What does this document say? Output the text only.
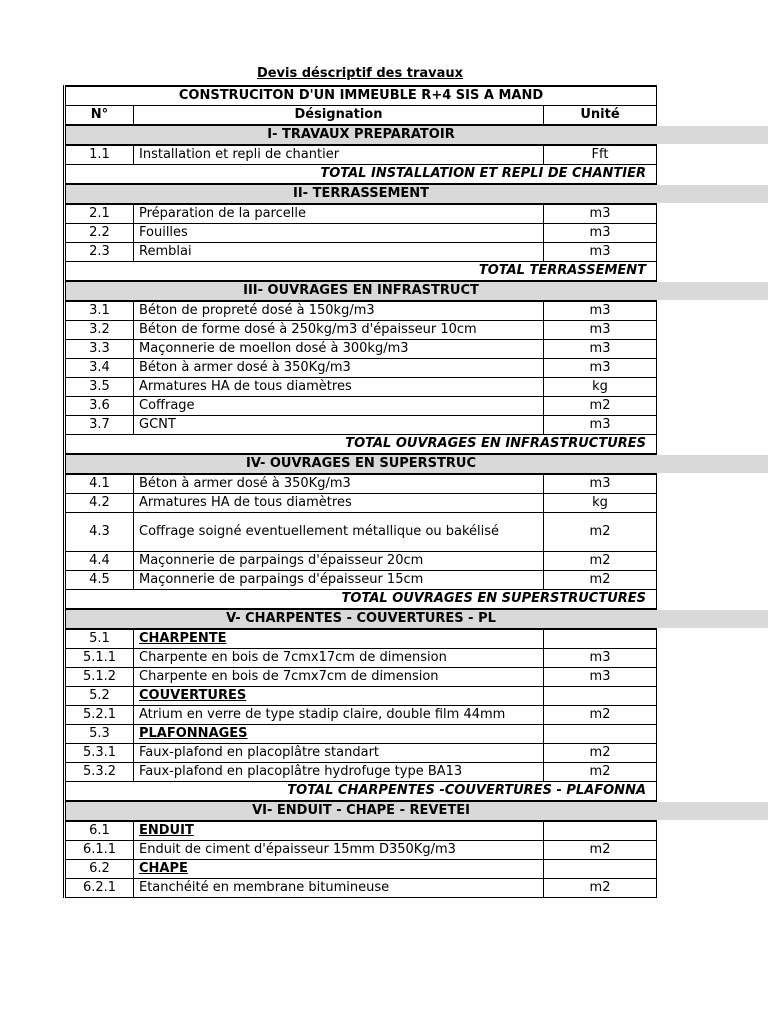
Devis déscriptif des travaux
CONSTRUCITON D'UN IMMEUBLE R+4 SIS A MAND		
N°	Désignation	Unité
I- TRAVAUX PREPARATOIR		
1.1	Installation et repli de chantier	Fft
TOTAL INSTALLATION ET REPLI DE CHANTIER		
II- TERRASSEMENT		
2.1	Préparation de la parcelle	m3
2.2	Fouilles	m3
2.3	Remblai	m3
TOTAL TERRASSEMENT		
III- OUVRAGES EN INFRASTRUCT		
3.1	Béton de propreté dosé à 150kg/m3	m3
3.2	Béton de forme dosé à 250kg/m3 d'épaisseur 10cm	m3
3.3	Maçonnerie de moellon dosé à 300kg/m3	m3
3.4	Béton à armer dosé à 350Kg/m3	m3
3.5	Armatures HA de tous diamètres	kg
3.6	Coffrage	m2
3.7	GCNT	m3
TOTAL OUVRAGES EN INFRASTRUCTURES		
IV- OUVRAGES EN SUPERSTRUC		
4.1	Béton à armer dosé à 350Kg/m3	m3
4.2	Armatures HA de tous diamètres	kg
4.3	Coffrage soigné eventuellement métallique ou bakélisé	m2
4.4	Maçonnerie de parpaings d'épaisseur 20cm	m2
4.5	Maçonnerie de parpaings d'épaisseur 15cm	m2
TOTAL OUVRAGES EN SUPERSTRUCTURES		
V- CHARPENTES - COUVERTURES - PL		
5.1	CHARPENTE	
5.1.1	Charpente en bois de 7cmx17cm de dimension	m3
5.1.2	Charpente en bois de 7cmx7cm de dimension	m3
5.2	COUVERTURES	
5.2.1	Atrium en verre de type stadip claire, double film 44mm	m2
5.3	PLAFONNAGES	
5.3.1	Faux-plafond en placoplâtre standart	m2
5.3.2	Faux-plafond en placoplâtre hydrofuge type BA13	m2
TOTAL CHARPENTES -COUVERTURES - PLAFONNA		
VI- ENDUIT - CHAPE - REVETEI		
6.1	ENDUIT	
6.1.1	Enduit de ciment d'épaisseur 15mm D350Kg/m3	m2
6.2	CHAPE	
6.2.1	Etanchéité en membrane bitumineuse	m2
